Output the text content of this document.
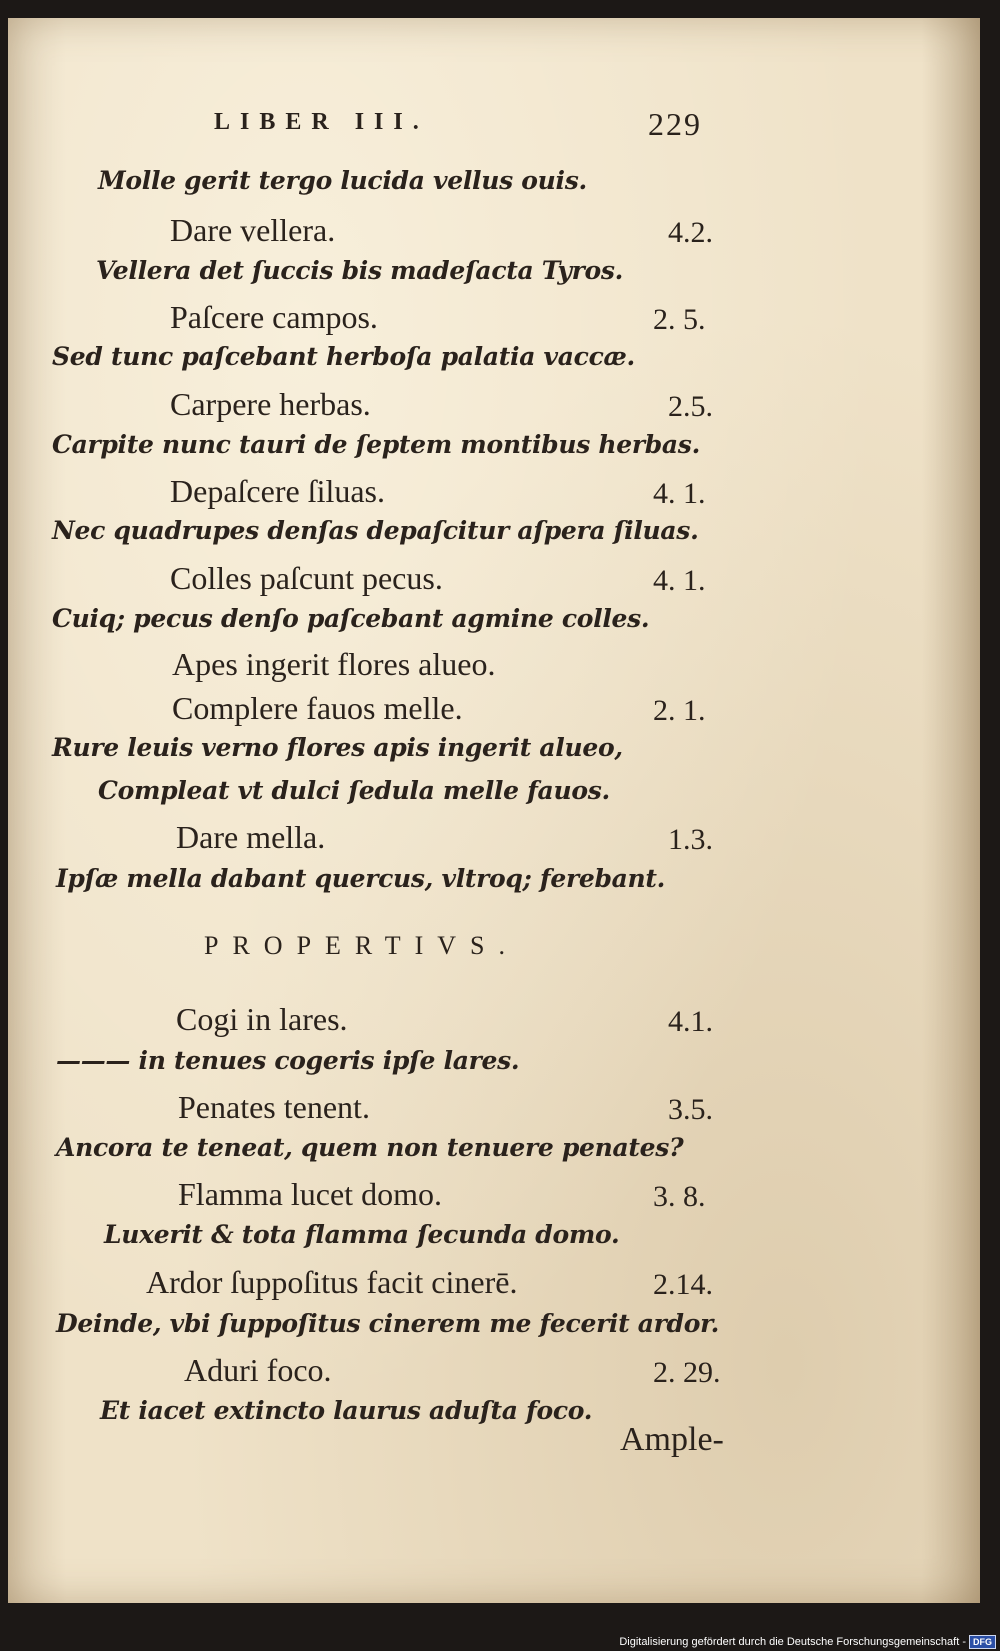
LIBER III.	229
Molle gerit tergo lucida vellus ouis.
Dare vellera.	4.2.
Vellera det ſuccis bis madeſacta Tyros.
Paſcere campos.	2. 5.
Sed tunc paſcebant herboſa palatia vaccæ.
Carpere herbas.	2.5.
Carpite nunc tauri de ſeptem montibus herbas.
Depaſcere ſiluas.	4. 1.
Nec quadrupes denſas depaſcitur aſpera ſiluas.
Colles paſcunt pecus.	4. 1.
Cuiq; pecus denſo paſcebant agmine colles.
Apes ingerit flores alueo.
Complere fauos melle.	2. 1.
Rure leuis verno flores apis ingerit alueo,
Compleat vt dulci ſedula melle fauos.
Dare mella.	1.3.
Ipſæ mella dabant quercus, vltroq; ferebant.
PROPERTIVS.
Cogi in lares.	4.1.
——— in tenues cogeris ipſe lares.
Penates tenent.	3.5.
Ancora te teneat, quem non tenuere penates?
Flamma lucet domo.	3. 8.
Luxerit & tota flamma ſecunda domo.
Ardor ſuppoſitus facit cinerē.	2.14.
Deinde, vbi ſuppoſitus cinerem me fecerit ardor.
Aduri foco.	2. 29.
Et iacet extincto laurus aduſta foco.
Ample-
Digitalisierung gefördert durch die Deutsche Forschungsgemeinschaft - DFG
